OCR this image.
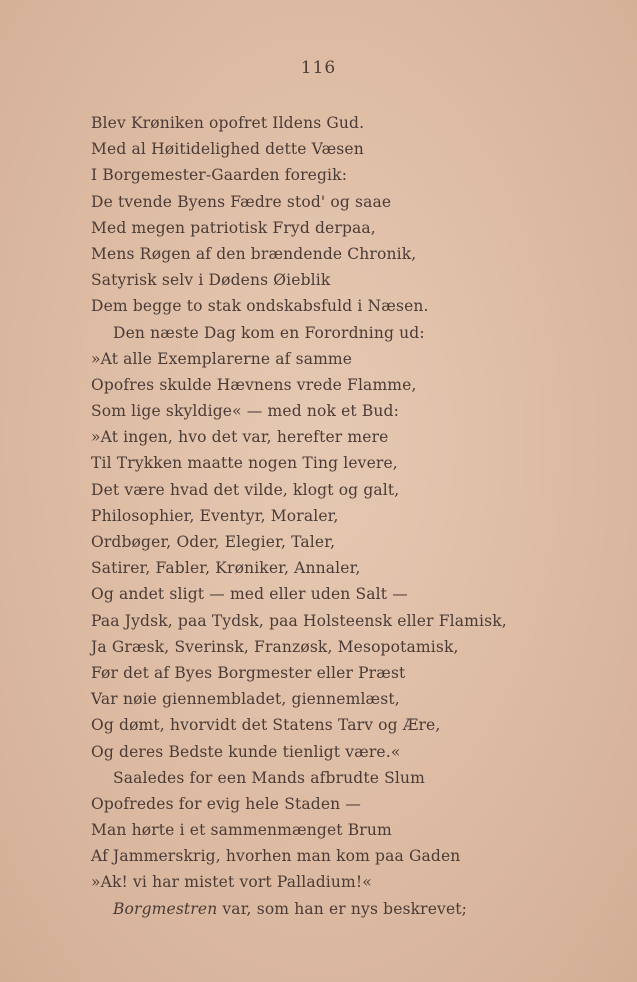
116
Blev Krøniken opofret Ildens Gud.
Med al Høitidelighed dette Væsen
I Borgemester-Gaarden foregik:
De tvende Byens Fædre stod' og saae
Med megen patriotisk Fryd derpaa,
Mens Røgen af den brændende Chronik,
Satyrisk selv i Dødens Øieblik
Dem begge to stak ondskabsfuld i Næsen.
Den næste Dag kom en Forordning ud:
»At alle Exemplarerne af samme
Opofres skulde Hævnens vrede Flamme,
Som lige skyldige« — med nok et Bud:
»At ingen, hvo det var, herefter mere
Til Trykken maatte nogen Ting levere,
Det være hvad det vilde, klogt og galt,
Philosophier, Eventyr, Moraler,
Ordbøger, Oder, Elegier, Taler,
Satirer, Fabler, Krøniker, Annaler,
Og andet sligt — med eller uden Salt —
Paa Jydsk, paa Tydsk, paa Holsteensk eller Flamisk,
Ja Græsk, Sverinsk, Franzøsk, Mesopotamisk,
Før det af Byes Borgmester eller Præst
Var nøie giennembladet, giennemlæst,
Og dømt, hvorvidt det Statens Tarv og Ære,
Og deres Bedste kunde tienligt være.«
Saaledes for een Mands afbrudte Slum
Opofredes for evig hele Staden —
Man hørte i et sammenmænget Brum
Af Jammerskrig, hvorhen man kom paa Gaden
»Ak! vi har mistet vort Palladium!«
Borgmestren var, som han er nys beskrevet;
